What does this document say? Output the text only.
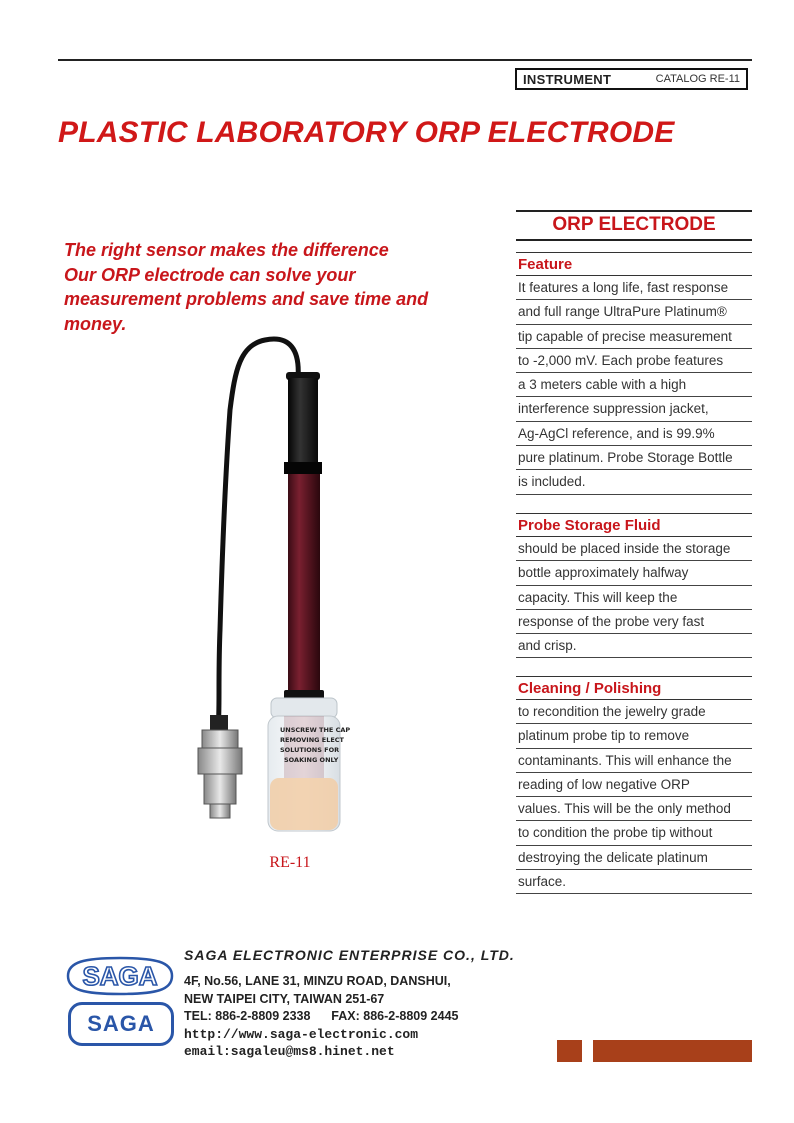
INSTRUMENT	CATALOG RE-11
PLASTIC LABORATORY ORP ELECTRODE
The right sensor makes the difference
Our ORP electrode can solve your
measurement problems and save time and
money.
UNSCREW THE CAP
REMOVING ELECT
SOLUTIONS FOR
SOAKING ONLY
RE-11
ORP ELECTRODE
Feature
It features a long life, fast response
and full range UltraPure Platinum®
tip capable of precise measurement
to -2,000 mV. Each probe features
a 3 meters cable with a high
interference suppression jacket,
Ag-AgCl reference, and is 99.9%
pure platinum. Probe Storage Bottle
is included.
Probe Storage Fluid
should be placed inside the storage
bottle approximately halfway
capacity. This will keep the
response of the probe very fast
and crisp.
Cleaning / Polishing
to recondition the jewelry grade
platinum probe tip to remove
contaminants. This will enhance the
reading of low negative ORP
values. This will be the only method
to condition the probe tip without
destroying the delicate platinum
surface.
SAGA
SAGA
SAGA ELECTRONIC ENTERPRISE CO., LTD.
4F, No.56, LANE 31, MINZU ROAD, DANSHUI,
NEW TAIPEI CITY, TAIWAN 251-67
TEL: 886-2-8809 2338      FAX: 886-2-8809 2445
http://www.saga-electronic.com
email:sagaleu@ms8.hinet.net
